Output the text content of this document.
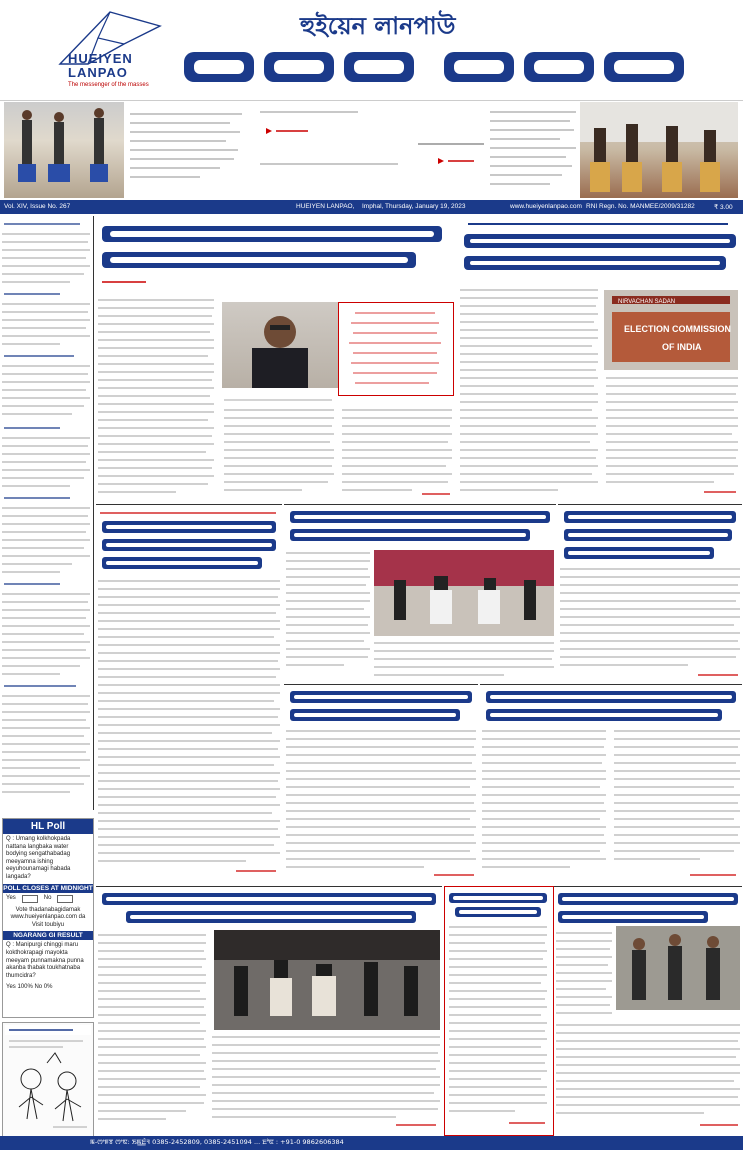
HUEIYEN
LANPAO
The messenger of the masses
হুইয়েন লানপাউ
Vol. XIV, Issue No. 267	HUEIYEN LANPAO, Imphal, Thursday, January 19, 2023	www.hueiyenlanpao.com RNI Regn. No. MANMEE/2009/31282	₹ 3.00
HL Poll
Q : Umang kolkhokpada nattana langbaka water bodying sengathabadag meeyamna ishing eeyuhounamagi habada langada?
POLL CLOSES AT MIDNIGHT
Yes	No
Vote thadanabagidamak www.hueiyenlanpao.com da Visit toubiyu
NGARANG GI RESULT
Q : Manipurgi chinggi maru kokthokrapagi mayokta meeyam punnamakna punna akanba thabak toukhatnaba thumcidra?
Yes 100% No 0%
NIRVACHAN SADAN
ELECTION COMMISSION
OF INDIA
ꯃ-ꯁꯦꯝꯕ ꯁꯦꯟ: ꯏꯃ꯭ꯐꯥꯜ 0385-2452809, 0385-2451094 ... ꯐꯣꯟ : +91-0 9862606384
